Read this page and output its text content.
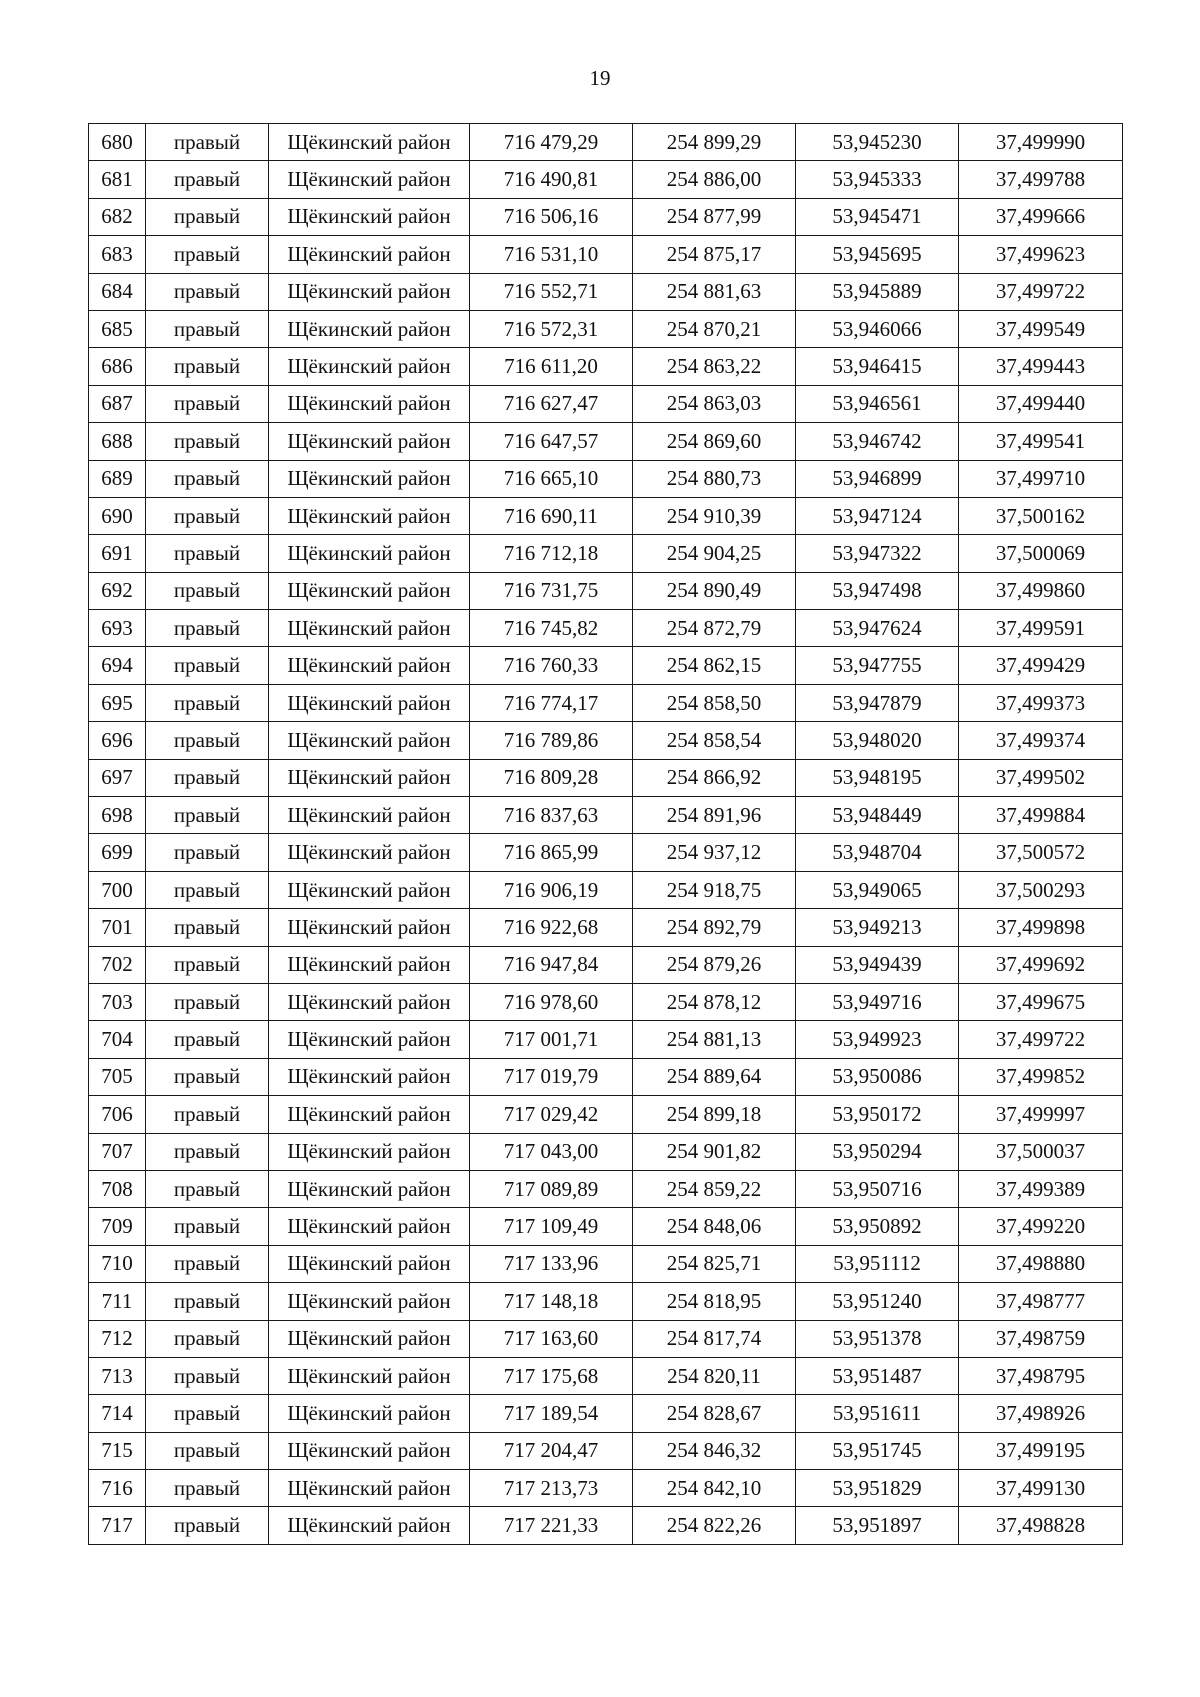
19
680	правый	Щёкинский район	716 479,29	254 899,29	53,945230	37,499990
681	правый	Щёкинский район	716 490,81	254 886,00	53,945333	37,499788
682	правый	Щёкинский район	716 506,16	254 877,99	53,945471	37,499666
683	правый	Щёкинский район	716 531,10	254 875,17	53,945695	37,499623
684	правый	Щёкинский район	716 552,71	254 881,63	53,945889	37,499722
685	правый	Щёкинский район	716 572,31	254 870,21	53,946066	37,499549
686	правый	Щёкинский район	716 611,20	254 863,22	53,946415	37,499443
687	правый	Щёкинский район	716 627,47	254 863,03	53,946561	37,499440
688	правый	Щёкинский район	716 647,57	254 869,60	53,946742	37,499541
689	правый	Щёкинский район	716 665,10	254 880,73	53,946899	37,499710
690	правый	Щёкинский район	716 690,11	254 910,39	53,947124	37,500162
691	правый	Щёкинский район	716 712,18	254 904,25	53,947322	37,500069
692	правый	Щёкинский район	716 731,75	254 890,49	53,947498	37,499860
693	правый	Щёкинский район	716 745,82	254 872,79	53,947624	37,499591
694	правый	Щёкинский район	716 760,33	254 862,15	53,947755	37,499429
695	правый	Щёкинский район	716 774,17	254 858,50	53,947879	37,499373
696	правый	Щёкинский район	716 789,86	254 858,54	53,948020	37,499374
697	правый	Щёкинский район	716 809,28	254 866,92	53,948195	37,499502
698	правый	Щёкинский район	716 837,63	254 891,96	53,948449	37,499884
699	правый	Щёкинский район	716 865,99	254 937,12	53,948704	37,500572
700	правый	Щёкинский район	716 906,19	254 918,75	53,949065	37,500293
701	правый	Щёкинский район	716 922,68	254 892,79	53,949213	37,499898
702	правый	Щёкинский район	716 947,84	254 879,26	53,949439	37,499692
703	правый	Щёкинский район	716 978,60	254 878,12	53,949716	37,499675
704	правый	Щёкинский район	717 001,71	254 881,13	53,949923	37,499722
705	правый	Щёкинский район	717 019,79	254 889,64	53,950086	37,499852
706	правый	Щёкинский район	717 029,42	254 899,18	53,950172	37,499997
707	правый	Щёкинский район	717 043,00	254 901,82	53,950294	37,500037
708	правый	Щёкинский район	717 089,89	254 859,22	53,950716	37,499389
709	правый	Щёкинский район	717 109,49	254 848,06	53,950892	37,499220
710	правый	Щёкинский район	717 133,96	254 825,71	53,951112	37,498880
711	правый	Щёкинский район	717 148,18	254 818,95	53,951240	37,498777
712	правый	Щёкинский район	717 163,60	254 817,74	53,951378	37,498759
713	правый	Щёкинский район	717 175,68	254 820,11	53,951487	37,498795
714	правый	Щёкинский район	717 189,54	254 828,67	53,951611	37,498926
715	правый	Щёкинский район	717 204,47	254 846,32	53,951745	37,499195
716	правый	Щёкинский район	717 213,73	254 842,10	53,951829	37,499130
717	правый	Щёкинский район	717 221,33	254 822,26	53,951897	37,498828
